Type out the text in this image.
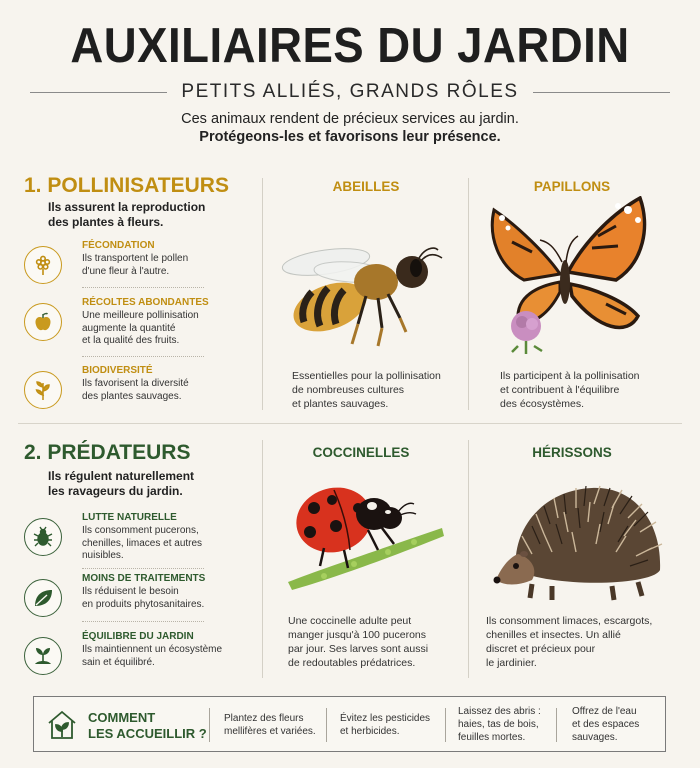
AUXILIAIRES DU JARDIN
PETITS ALLIÉS, GRANDS RÔLES
Ces animaux rendent de précieux services au jardin.
Protégeons-les et favorisons leur présence.
1. POLLINISATEURS
Ils assurent la reproduction
des plantes à fleurs.
FÉCONDATION
Ils transportent le pollen
d'une fleur à l'autre.
RÉCOLTES ABONDANTES
Une meilleure pollinisation
augmente la quantité
et la qualité des fruits.
BIODIVERSITÉ
Ils favorisent la diversité
des plantes sauvages.
ABEILLES
Essentielles pour la pollinisation
de nombreuses cultures
et plantes sauvages.
PAPILLONS
Ils participent à la pollinisation
et contribuent à l'équilibre
des écosystèmes.
2. PRÉDATEURS
Ils régulent naturellement
les ravageurs du jardin.
LUTTE NATURELLE
Ils consomment pucerons,
chenilles, limaces et autres
nuisibles.
MOINS DE TRAITEMENTS
Ils réduisent le besoin
en produits phytosanitaires.
ÉQUILIBRE DU JARDIN
Ils maintiennent un écosystème
sain et équilibré.
COCCINELLES
Une coccinelle adulte peut
manger jusqu'à 100 pucerons
par jour. Ses larves sont aussi
de redoutables prédatrices.
HÉRISSONS
Ils consomment limaces, escargots,
chenilles et insectes. Un allié
discret et précieux pour
le jardinier.
COMMENT
LES ACCUEILLIR ?
Plantez des fleurs
mellifères et variées.
Évitez les pesticides
et herbicides.
Laissez des abris :
haies, tas de bois,
feuilles mortes.
Offrez de l'eau
et des espaces
sauvages.
